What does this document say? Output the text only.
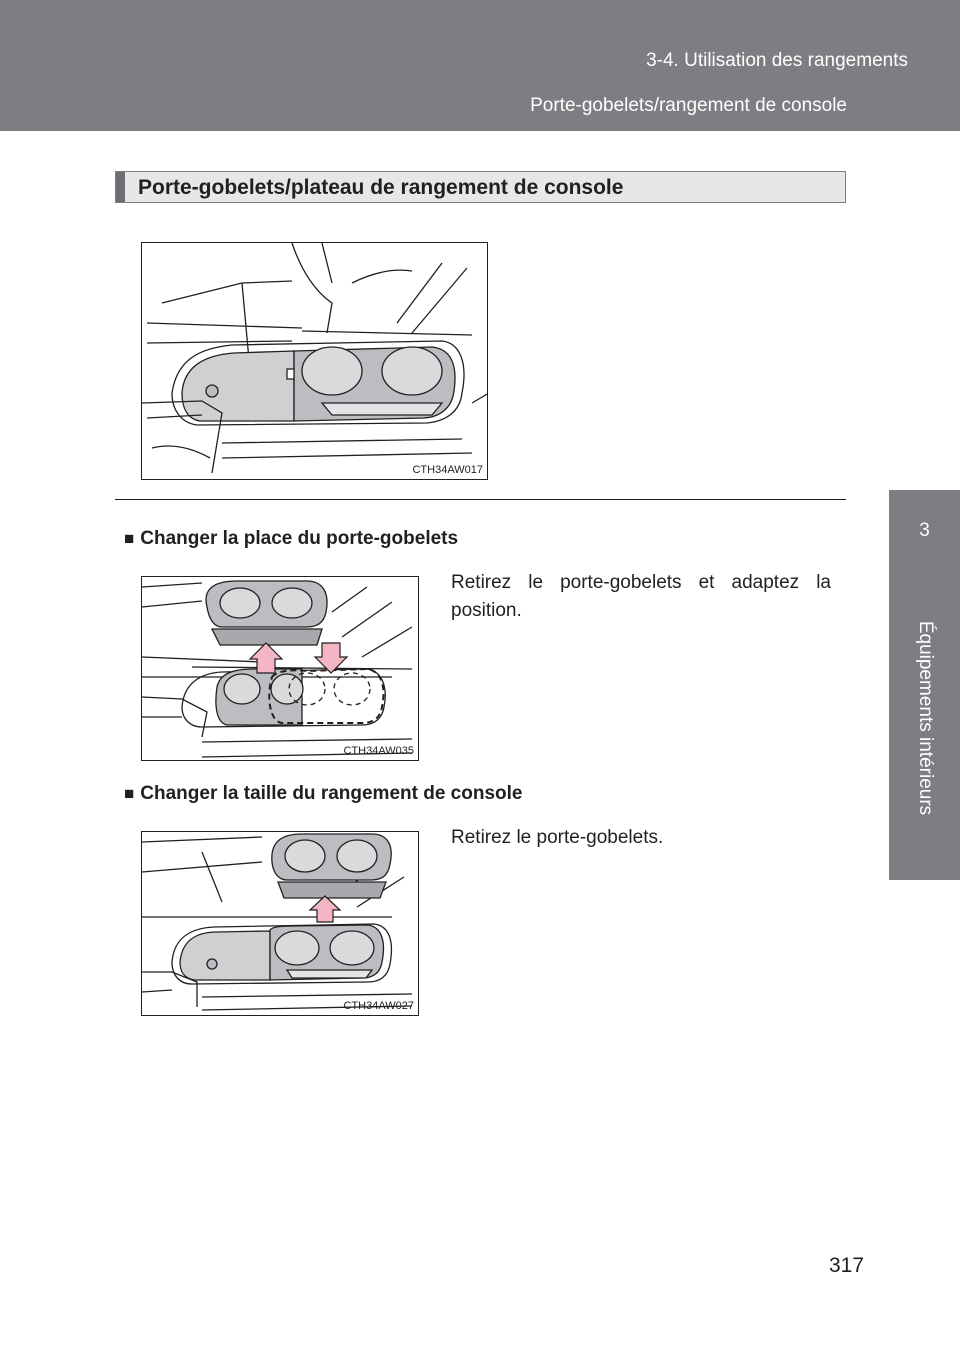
3-4. Utilisation des rangements
Porte-gobelets/rangement de console
3
Équipements intérieurs
Porte-gobelets/plateau de rangement de console
CTH34AW017
■ Changer la place du porte-gobelets
CTH34AW035
Retirez le porte-gobelets et adaptez la position.
■ Changer la taille du rangement de console
CTH34AW027
Retirez le porte-gobelets.
317
